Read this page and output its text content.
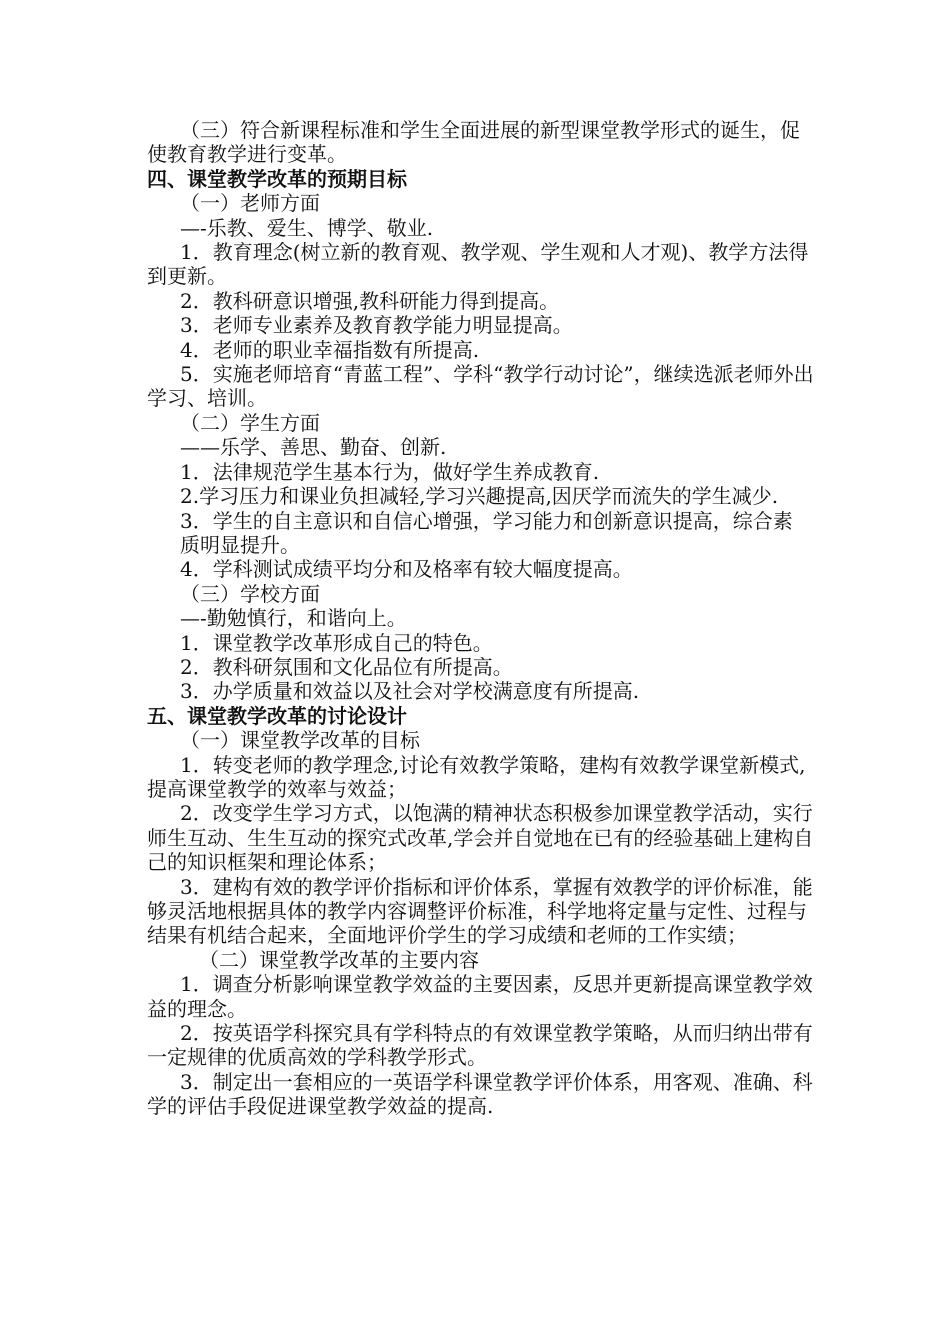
（三）符合新课程标准和学生全面进展的新型课堂教学形式的诞生，促使教育教学进行变革。

四、课堂教学改革的预期目标

（一）老师方面

—-乐教、爱生、博学、敬业.

1．教育理念(树立新的教育观、教学观、学生观和人才观)、教学方法得到更新。

2．教科研意识增强,教科研能力得到提高。

3．老师专业素养及教育教学能力明显提高。

4．老师的职业幸福指数有所提高.

5．实施老师培育“青蓝工程”、学科“教学行动讨论”，继续选派老师外出学习、培训。

（二）学生方面

——乐学、善思、勤奋、创新.

1．法律规范学生基本行为，做好学生养成教育.

2.学习压力和课业负担减轻,学习兴趣提高,因厌学而流失的学生减少.

3．学生的自主意识和自信心增强，学习能力和创新意识提高，综合素

质明显提升。

4．学科测试成绩平均分和及格率有较大幅度提高。

（三）学校方面

—-勤勉慎行，和谐向上。

1．课堂教学改革形成自己的特色。

2．教科研氛围和文化品位有所提高。

3．办学质量和效益以及社会对学校满意度有所提高.

五、课堂教学改革的讨论设计

（一）课堂教学改革的目标

1．转变老师的教学理念,讨论有效教学策略，建构有效教学课堂新模式,提高课堂教学的效率与效益；

2．改变学生学习方式，以饱满的精神状态积极参加课堂教学活动，实行师生互动、生生互动的探究式改革,学会并自觉地在已有的经验基础上建构自己的知识框架和理论体系；

3．建构有效的教学评价指标和评价体系，掌握有效教学的评价标准，能够灵活地根据具体的教学内容调整评价标准，科学地将定量与定性、过程与结果有机结合起来，全面地评价学生的学习成绩和老师的工作实绩；

（二）课堂教学改革的主要内容

1．调查分析影响课堂教学效益的主要因素，反思并更新提高课堂教学效益的理念。

2．按英语学科探究具有学科特点的有效课堂教学策略，从而归纳出带有一定规律的优质高效的学科教学形式。

3．制定出一套相应的一英语学科课堂教学评价体系，用客观、准确、科学的评估手段促进课堂教学效益的提高.
